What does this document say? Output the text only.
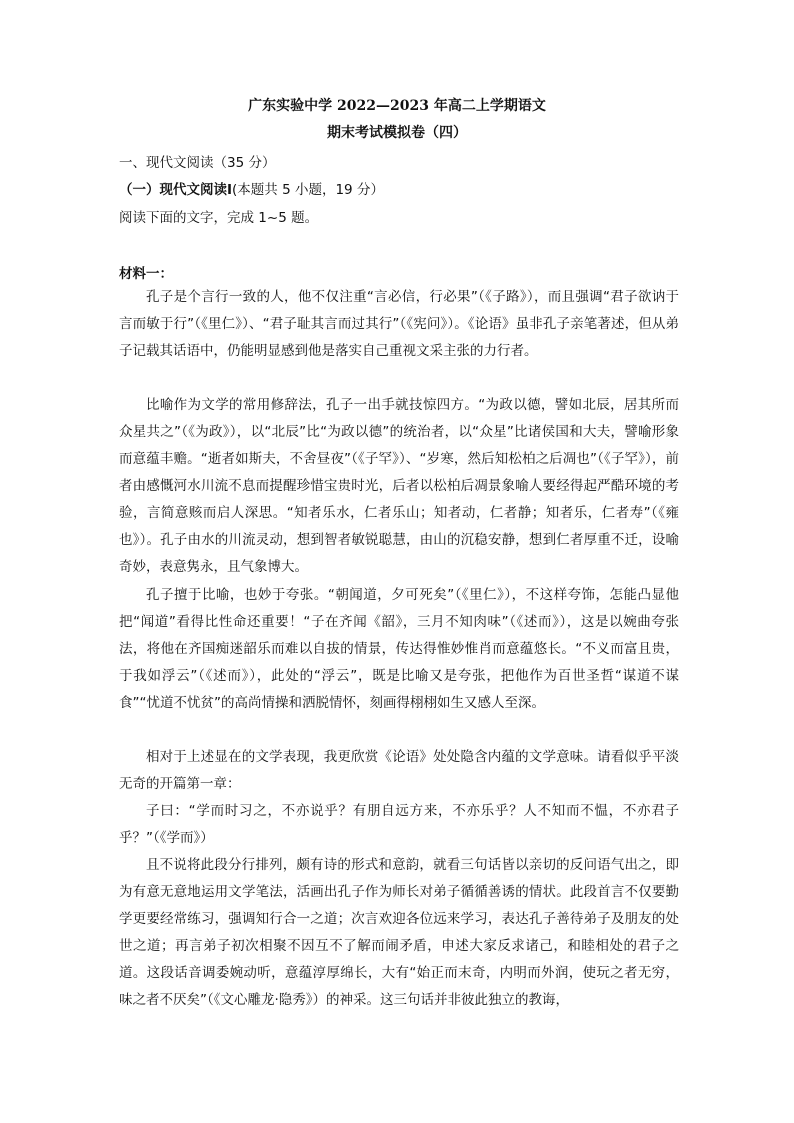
广东实验中学 2022—2023 年高二上学期语文
期末考试模拟卷（四）
一、现代文阅读（35 分）
（一）现代文阅读Ⅰ(本题共 5 小题，19 分）
阅读下面的文字，完成 1~5 题。
材料一：

孔子是个言行一致的人，他不仅注重“言必信，行必果”（《子路》），而且强调“君子欲讷于言而敏于行”（《里仁》）、“君子耻其言而过其行”（《宪问》）。《论语》虽非孔子亲笔著述，但从弟子记载其话语中，仍能明显感到他是落实自己重视文采主张的力行者。

比喻作为文学的常用修辞法，孔子一出手就技惊四方。“为政以德，譬如北辰，居其所而众星共之”（《为政》），以“北辰”比“为政以德”的统治者，以“众星”比诸侯国和大夫，譬喻形象而意蕴丰赡。“逝者如斯夫，不舍昼夜”（《子罕》）、“岁寒，然后知松柏之后凋也”（《子罕》），前者由感慨河水川流不息而提醒珍惜宝贵时光，后者以松柏后凋景象喻人要经得起严酷环境的考验，言简意赅而启人深思。“知者乐水，仁者乐山；知者动，仁者静；知者乐，仁者寿”（《雍也》）。孔子由水的川流灵动，想到智者敏锐聪慧，由山的沉稳安静，想到仁者厚重不迁，设喻奇妙，表意隽永，且气象博大。

孔子擅于比喻，也妙于夸张。“朝闻道，夕可死矣”（《里仁》），不这样夸饰，怎能凸显他把“闻道”看得比性命还重要！“子在齐闻《韶》，三月不知肉味”（《述而》），这是以婉曲夸张法，将他在齐国痴迷韶乐而难以自拔的情景，传达得惟妙惟肖而意蕴悠长。“不义而富且贵，于我如浮云”（《述而》），此处的“浮云”，既是比喻又是夸张，把他作为百世圣哲“谋道不谋食”“忧道不忧贫”的高尚情操和洒脱情怀，刻画得栩栩如生又感人至深。

相对于上述显在的文学表现，我更欣赏《论语》处处隐含内蕴的文学意味。请看似乎平淡无奇的开篇第一章：

子曰：“学而时习之，不亦说乎？有朋自远方来，不亦乐乎？人不知而不愠，不亦君子乎？”（《学而》）

且不说将此段分行排列，颇有诗的形式和意韵，就看三句话皆以亲切的反问语气出之，即为有意无意地运用文学笔法，活画出孔子作为师长对弟子循循善诱的情状。此段首言不仅要勤学更要经常练习，强调知行合一之道；次言欢迎各位远来学习，表达孔子善待弟子及朋友的处世之道；再言弟子初次相聚不因互不了解而闹矛盾，申述大家反求诸己，和睦相处的君子之道。这段话音调委婉动听，意蕴淳厚绵长，大有“始正而末奇，内明而外润，使玩之者无穷，味之者不厌矣”（《文心雕龙·隐秀》）的神采。这三句话并非彼此独立的教诲，
